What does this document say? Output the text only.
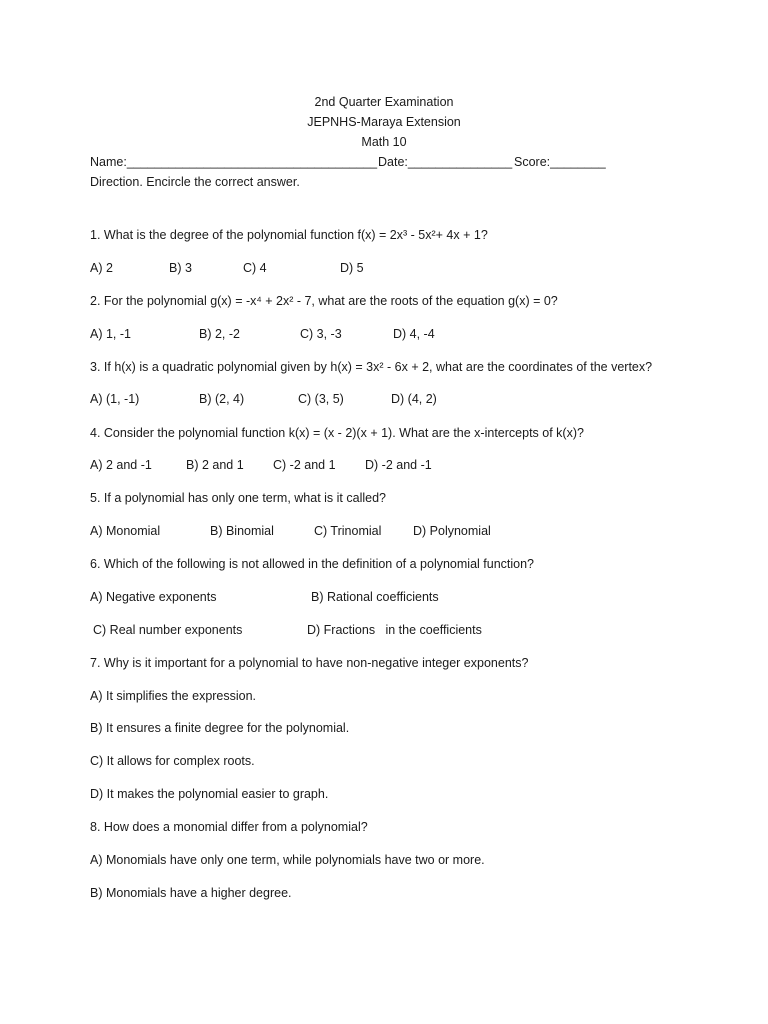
2nd Quarter Examination
JEPNHS-Maraya Extension
Math 10
Name:____________________________________ Date:_______________ Score:________
Direction. Encircle the correct answer.
1. What is the degree of the polynomial function f(x) = 2x³ - 5x²+ 4x + 1?
A) 2	B) 3	C) 4	D) 5
2. For the polynomial g(x) = -x⁴ + 2x² - 7, what are the roots of the equation g(x) = 0?
A) 1, -1	B) 2, -2	C) 3, -3	D) 4, -4
3. If h(x) is a quadratic polynomial given by h(x) = 3x² - 6x + 2, what are the coordinates of the vertex?
A) (1, -1)	B) (2, 4)	C) (3, 5)	D) (4, 2)
4. Consider the polynomial function k(x) = (x - 2)(x + 1). What are the x-intercepts of k(x)?
A) 2 and -1	B) 2 and 1 C) -2 and 1 D) -2 and -1
5. If a polynomial has only one term, what is it called?
A) Monomial	B) Binomial	C) Trinomial	D) Polynomial
6. Which of the following is not allowed in the definition of a polynomial function?
A) Negative exponents	B) Rational coefficients
C) Real number exponents	D) Fractions   in the coefficients
7. Why is it important for a polynomial to have non-negative integer exponents?
A) It simplifies the expression.
B) It ensures a finite degree for the polynomial.
C) It allows for complex roots.
D) It makes the polynomial easier to graph.
8. How does a monomial differ from a polynomial?
A) Monomials have only one term, while polynomials have two or more.
B) Monomials have a higher degree.
